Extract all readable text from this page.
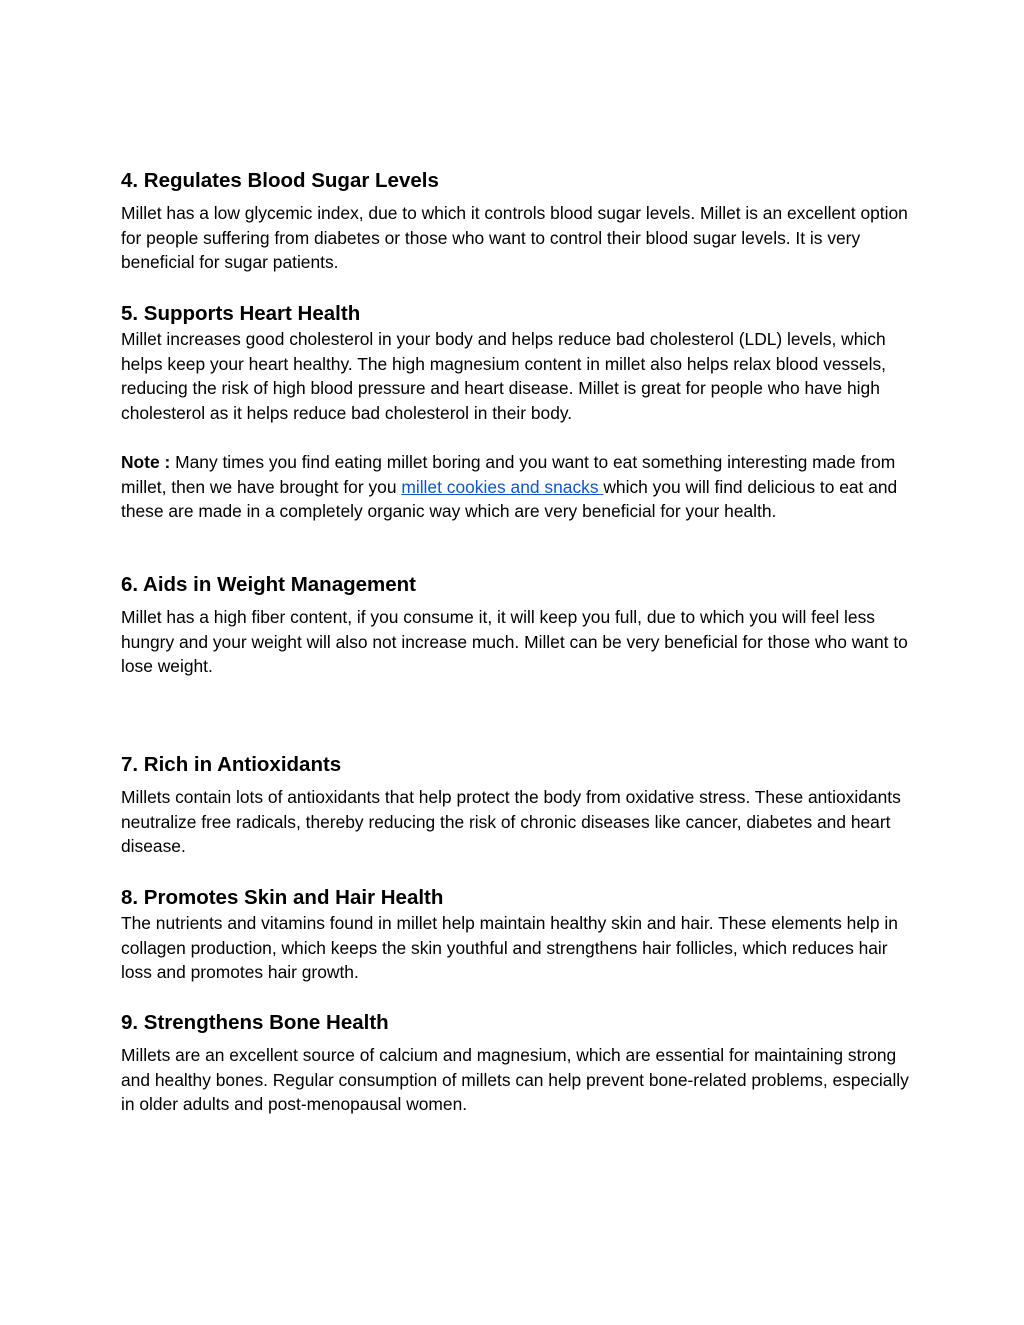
4. Regulates Blood Sugar Levels

Millet has a low glycemic index, due to which it controls blood sugar levels. Millet is an excellent option for people suffering from diabetes or those who want to control their blood sugar levels. It is very beneficial for sugar patients.

5. Supports Heart Health

Millet increases good cholesterol in your body and helps reduce bad cholesterol (LDL) levels, which helps keep your heart healthy. The high magnesium content in millet also helps relax blood vessels, reducing the risk of high blood pressure and heart disease. Millet is great for people who have high cholesterol as it helps reduce bad cholesterol in their body.

Note : Many times you find eating millet boring and you want to eat something interesting made from millet, then we have brought for you millet cookies and snacks which you will find delicious to eat and these are made in a completely organic way which are very beneficial for your health.

6. Aids in Weight Management

Millet has a high fiber content, if you consume it, it will keep you full, due to which you will feel less hungry and your weight will also not increase much. Millet can be very beneficial for those who want to lose weight.

7. Rich in Antioxidants

Millets contain lots of antioxidants that help protect the body from oxidative stress. These antioxidants neutralize free radicals, thereby reducing the risk of chronic diseases like cancer, diabetes and heart disease.

8. Promotes Skin and Hair Health

The nutrients and vitamins found in millet help maintain healthy skin and hair. These elements help in collagen production, which keeps the skin youthful and strengthens hair follicles, which reduces hair loss and promotes hair growth.

9. Strengthens Bone Health

Millets are an excellent source of calcium and magnesium, which are essential for maintaining strong and healthy bones. Regular consumption of millets can help prevent bone-related problems, especially in older adults and post-menopausal women.
